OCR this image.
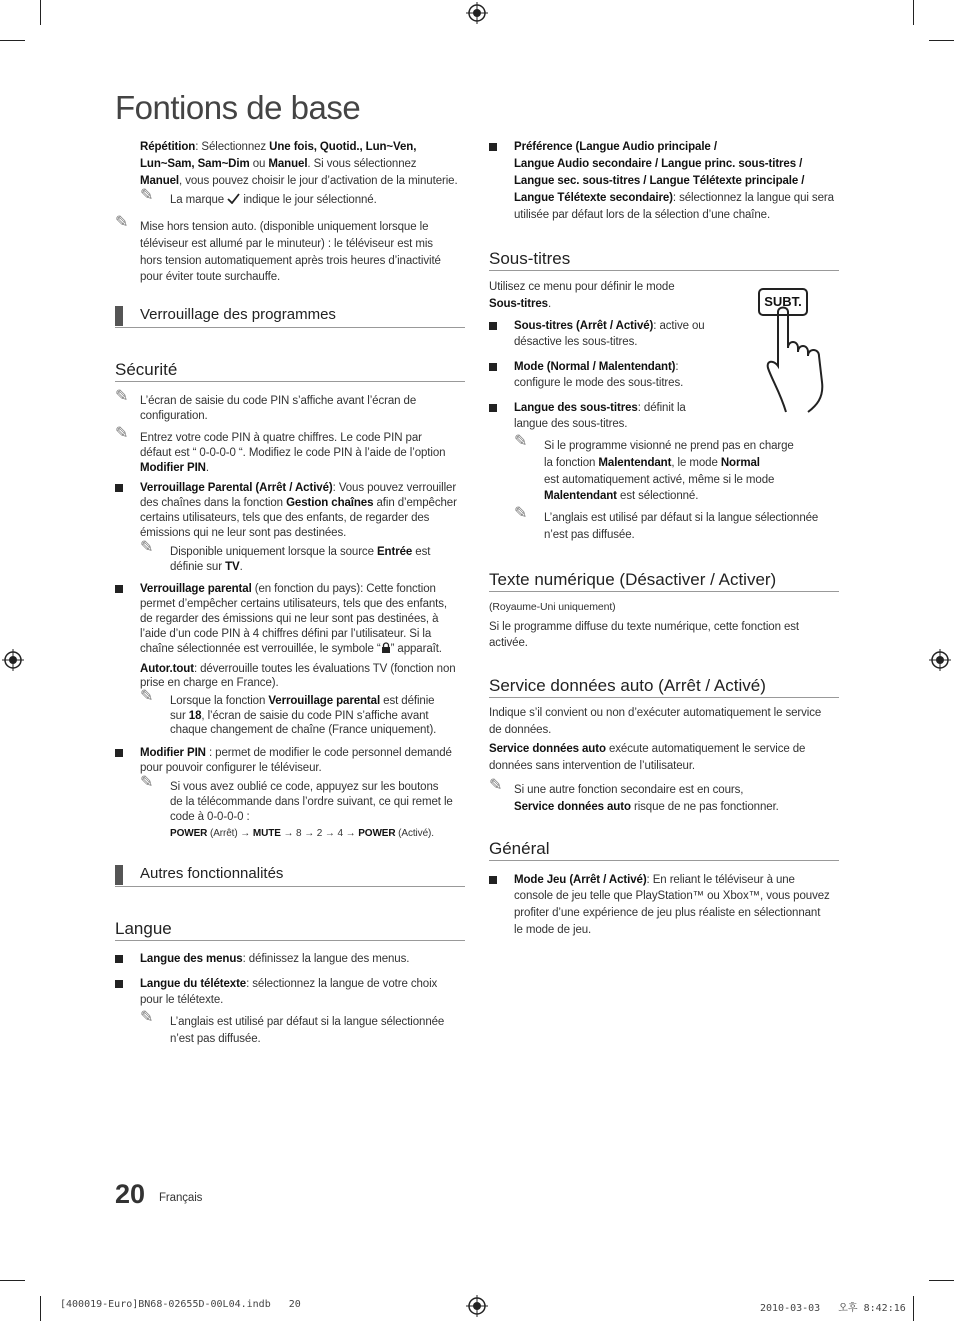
Fontions de base
Répétition: Sélectionnez Une fois, Quotid., Lun~Ven,
Lun~Sam, Sam~Dim ou Manuel. Si vous sélectionnez
Manuel, vous pouvez choisir le jour d’activation de la minuterie.
✎ La marque indique le jour sélectionné.
✎ Mise hors tension auto. (disponible uniquement lorsque le
téléviseur est allumé par le minuteur) : le téléviseur est mis
hors tension automatiquement après trois heures d’inactivité
pour éviter toute surchauffe.
Verrouillage des programmes
Sécurité
✎ L’écran de saisie du code PIN s’affiche avant l’écran de
configuration.
✎ Entrez votre code PIN à quatre chiffres. Le code PIN par
défaut est “ 0-0-0-0 “. Modifiez le code PIN à l’aide de l’option
Modifier PIN.
Verrouillage Parental (Arrêt / Activé): Vous pouvez verrouiller
des chaînes dans la fonction Gestion chaînes afin d’empêcher
certains utilisateurs, tels que des enfants, de regarder des
émissions qui ne leur sont pas destinées.
✎ Disponible uniquement lorsque la source Entrée est
définie sur TV.
Verrouillage parental (en fonction du pays): Cette fonction
permet d’empêcher certains utilisateurs, tels que des enfants,
de regarder des émissions qui ne leur sont pas destinées, à
l’aide d’un code PIN à 4 chiffres défini par l’utilisateur. Si la
chaîne sélectionnée est verrouillée, le symbole “ ” apparaît.
Autor.tout: déverrouille toutes les évaluations TV (fonction non
prise en charge en France).
✎ Lorsque la fonction Verrouillage parental est définie
sur 18, l’écran de saisie du code PIN s’affiche avant
chaque changement de chaîne (France uniquement).
Modifier PIN : permet de modifier le code personnel demandé
pour pouvoir configurer le téléviseur.
✎ Si vous avez oublié ce code, appuyez sur les boutons
de la télécommande dans l’ordre suivant, ce qui remet le
code à 0-0-0-0 :
POWER (Arrêt) → MUTE → 8 → 2 → 4 → POWER (Activé).
Autres fonctionnalités
Langue
Langue des menus: définissez la langue des menus.
Langue du télétexte: sélectionnez la langue de votre choix
pour le télétexte.
✎ L’anglais est utilisé par défaut si la langue sélectionnée
n’est pas diffusée.
Préférence (Langue Audio principale /
Langue Audio secondaire / Langue princ. sous-titres /
Langue sec. sous-titres / Langue Télétexte principale /
Langue Télétexte secondaire): sélectionnez la langue qui sera
utilisée par défaut lors de la sélection d’une chaîne.
Sous-titres
Utilisez ce menu pour définir le mode
Sous-titres.	SUBT.
Sous-titres (Arrêt / Activé): active ou
désactive les sous-titres.
Mode (Normal / Malentendant):
configure le mode des sous-titres.
Langue des sous-titres: définit la
langue des sous-titres.
✎ Si le programme visionné ne prend pas en charge
la fonction Malentendant, le mode Normal
est automatiquement activé, même si le mode
Malentendant est sélectionné.
✎ L’anglais est utilisé par défaut si la langue sélectionnée
n’est pas diffusée.
Texte numérique (Désactiver / Activer)
(Royaume-Uni uniquement)
Si le programme diffuse du texte numérique, cette fonction est
activée.
Service données auto (Arrêt / Activé)
Indique s’il convient ou non d’exécuter automatiquement le service
de données.
Service données auto exécute automatiquement le service de
données sans intervention de l’utilisateur.
✎ Si une autre fonction secondaire est en cours,
Service données auto risque de ne pas fonctionner.
Général
Mode Jeu (Arrêt / Activé): En reliant le téléviseur à une
console de jeu telle que PlayStation™ ou Xbox™, vous pouvez
profiter d’une expérience de jeu plus réaliste en sélectionnant
le mode de jeu.
20 Français
[400019-Euro]BN68-02655D-00L04.indb   20	2010-03-03   오후 8:42:16
